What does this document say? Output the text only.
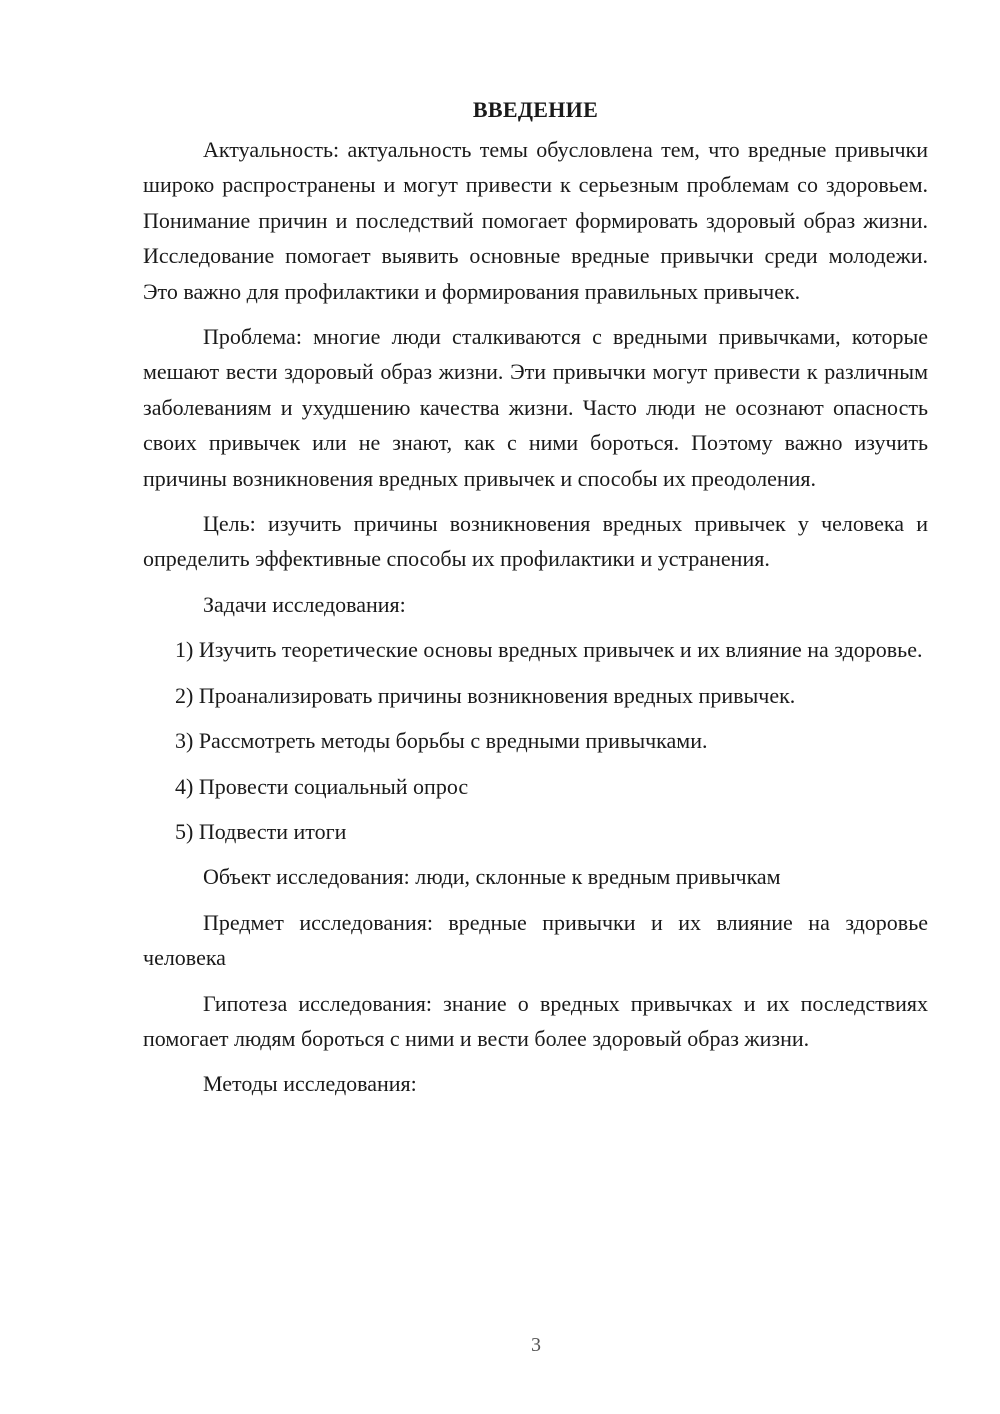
ВВЕДЕНИЕ

Актуальность: актуальность темы обусловлена тем, что вредные привычки широко распространены и могут привести к серьезным проблемам со здоровьем. Понимание причин и последствий помогает формировать здоровый образ жизни. Исследование помогает выявить основные вредные привычки среди молодежи. Это важно для профилактики и формирования правильных привычек.

Проблема: многие люди сталкиваются с вредными привычками, которые мешают вести здоровый образ жизни. Эти привычки могут привести к различным заболеваниям и ухудшению качества жизни. Часто люди не осознают опасность своих привычек или не знают, как с ними бороться. Поэтому важно изучить причины возникновения вредных привычек и способы их преодоления.

Цель: изучить причины возникновения вредных привычек у человека и определить эффективные способы их профилактики и устранения.

Задачи исследования:

1) Изучить теоретические основы вредных привычек и их влияние на здоровье.

2) Проанализировать причины возникновения вредных привычек.

3) Рассмотреть методы борьбы с вредными привычками.

4) Провести социальный опрос

5) Подвести итоги

Объект исследования: люди, склонные к вредным привычкам

Предмет исследования: вредные привычки и их влияние на здоровье человека

Гипотеза исследования: знание о вредных привычках и их последствиях помогает людям бороться с ними и вести более здоровый образ жизни.

Методы исследования:

3
